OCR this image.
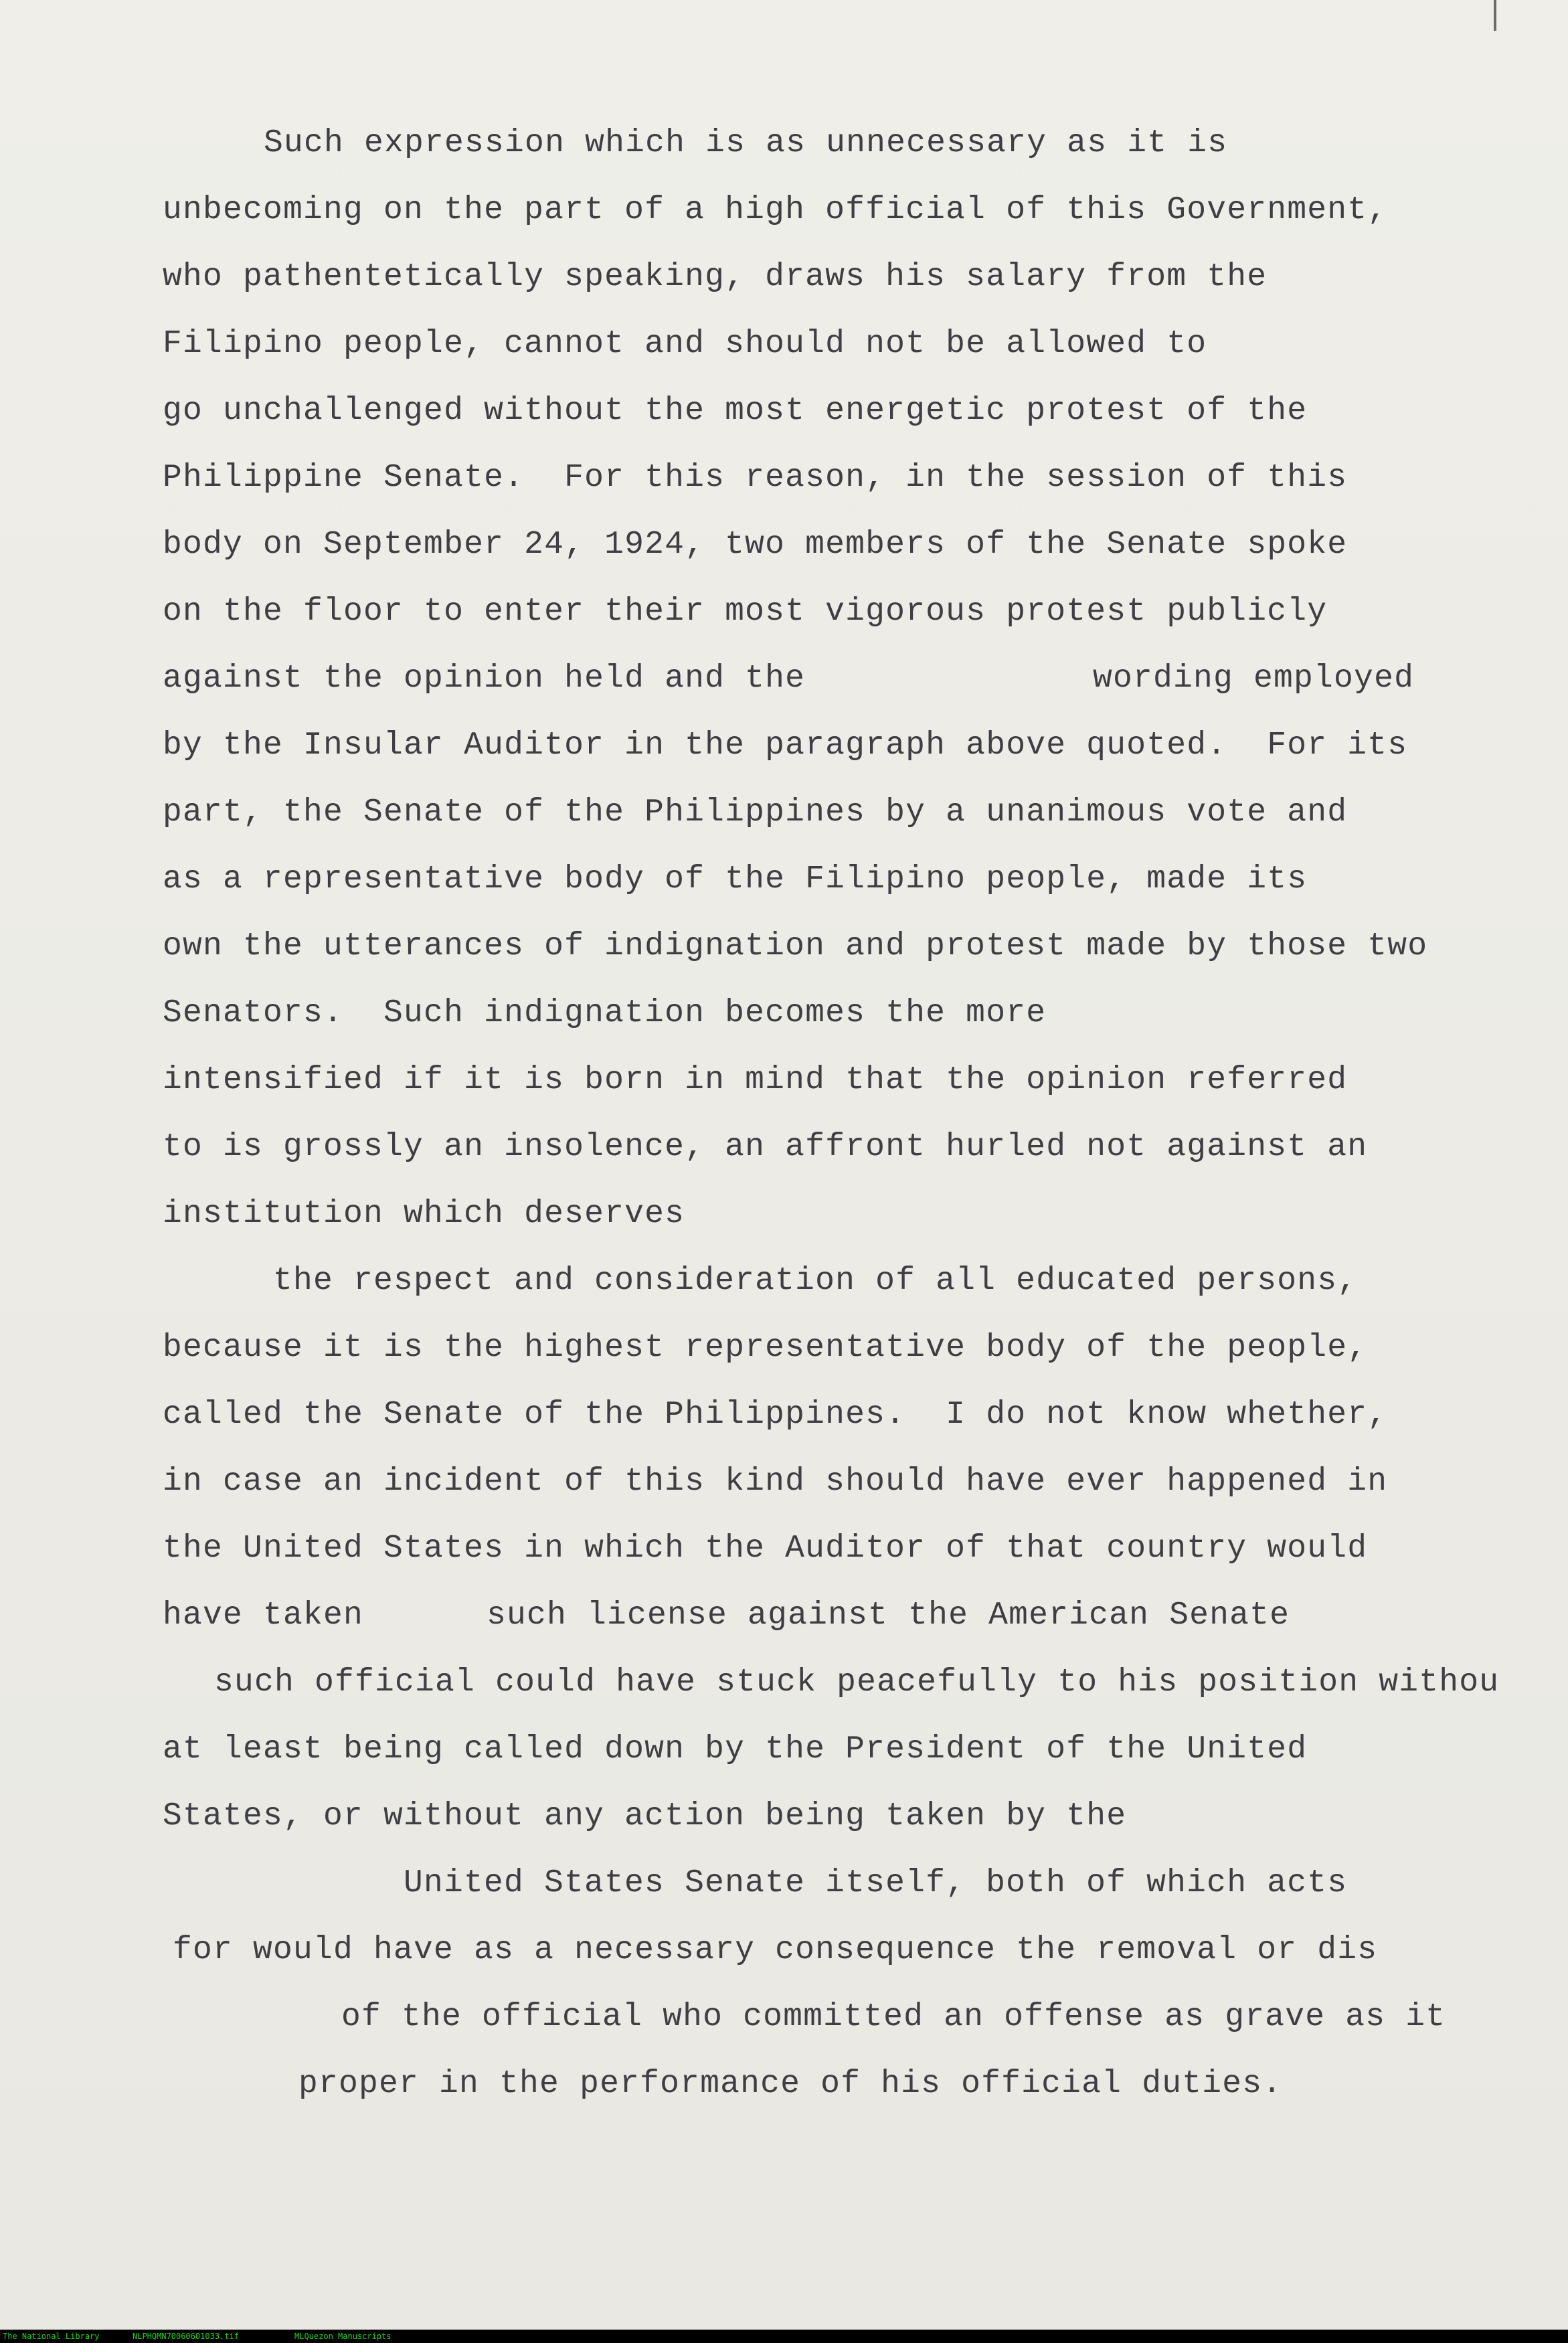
Such expression which is as unnecessary as it is
unbecoming on the part of a high official of this Government,
who pathentetically speaking, draws his salary from the
Filipino people, cannot and should not be allowed to
go unchallenged without the most energetic protest of the
Philippine Senate.  For this reason, in the session of this
body on September 24, 1924, two members of the Senate spoke
on the floor to enter their most vigorous protest publicly
against the opinion held and the	wording employed
by the Insular Auditor in the paragraph above quoted.  For its
part, the Senate of the Philippines by a unanimous vote and
as a representative body of the Filipino people, made its
own the utterances of indignation and protest made by those two
Senators.  Such indignation becomes the more
intensified if it is born in mind that the opinion referred
to is grossly an insolence, an affront hurled not against an
institution which deserves
the respect and consideration of all educated persons,
because it is the highest representative body of the people,
called the Senate of the Philippines.  I do not know whether,
in case an incident of this kind should have ever happened in
the United States in which the Auditor of that country would
have taken	such license against the American Senate
such official could have stuck peacefully to his position withou
at least being called down by the President of the United
States, or without any action being taken by the
United States Senate itself, both of which acts
for would have as a necessary consequence the removal or dis
of the official who committed an offense as grave as it
proper in the performance of his official duties.
The National Library	NLPHQMN70060601033.tif	MLQuezon Manuscripts
